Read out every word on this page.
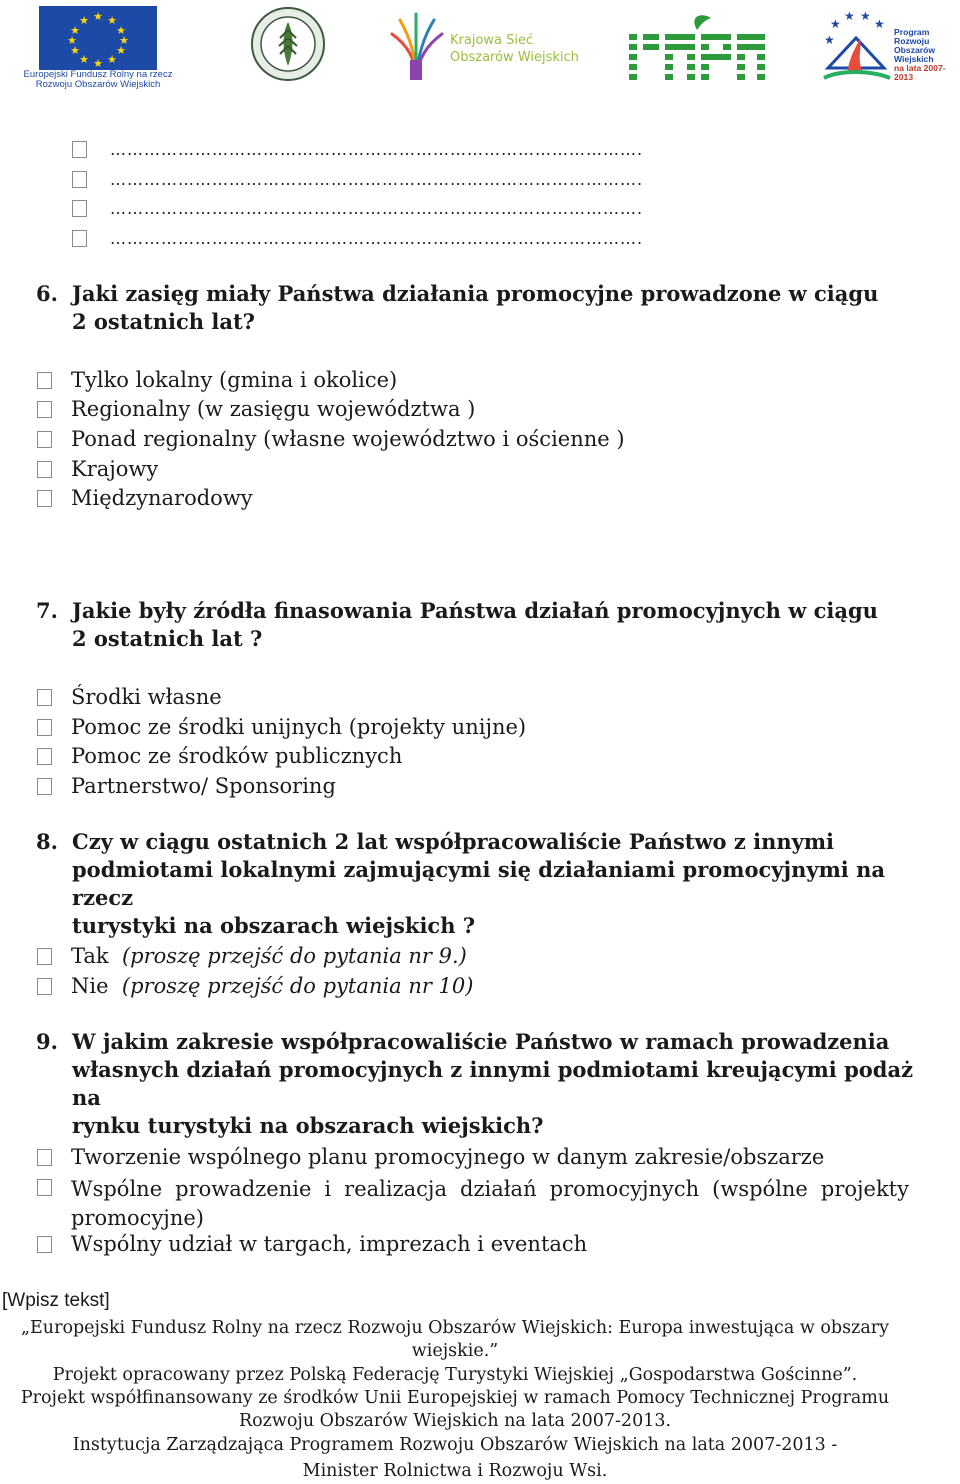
★ ★
★
★
★
★
★
★
★
★
★
★
Europejski Fundusz Rolny na rzecz
Rozwoju Obszarów Wiejskich
Krajowa Sieć
Obszarów Wiejskich
★
★ ★
★
★
Program
Rozwoju
Obszarów
Wiejskich
na lata 2007-2013
………………………………………………………………………………….
………………………………………………………………………………….
………………………………………………………………………………….
………………………………………………………………………………….
6. Jaki zasięg miały Państwa działania promocyjne prowadzone w ciągu
2 ostatnich lat?
Tylko lokalny (gmina i okolice)
Regionalny (w zasięgu województwa )
Ponad regionalny (własne województwo i ościenne )
Krajowy
Międzynarodowy
7. Jakie były źródła finasowania Państwa działań promocyjnych w ciągu
2 ostatnich lat ?
Środki własne
Pomoc ze środki unijnych (projekty unijne)
Pomoc ze środków publicznych
Partnerstwo/ Sponsoring
8. Czy w ciągu ostatnich 2 lat współpracowaliście Państwo z innymi
podmiotami lokalnymi zajmującymi się działaniami promocyjnymi na rzecz
turystyki na obszarach wiejskich ?
Tak (proszę przejść do pytania nr 9.)
Nie (proszę przejść do pytania nr 10)
9. W jakim zakresie współpracowaliście Państwo w ramach prowadzenia
własnych działań promocyjnych z innymi podmiotami kreującymi podaż na
rynku turystyki na obszarach wiejskich?
Tworzenie wspólnego planu promocyjnego w danym zakresie/obszarze
Wspólne prowadzenie i realizacja działań promocyjnych (wspólne projekty promocyjne)
Wspólny udział w targach, imprezach i eventach
[Wpisz tekst]
„Europejski Fundusz Rolny na rzecz Rozwoju Obszarów Wiejskich: Europa inwestująca w obszary
wiejskie.”
Projekt opracowany przez Polską Federację Turystyki Wiejskiej „Gospodarstwa Gościnne”.
Projekt współfinansowany ze środków Unii Europejskiej w ramach Pomocy Technicznej Programu
Rozwoju Obszarów Wiejskich na lata 2007-2013.
Instytucja Zarządzająca Programem Rozwoju Obszarów Wiejskich na lata 2007-2013 -
Minister Rolnictwa i Rozwoju Wsi.
